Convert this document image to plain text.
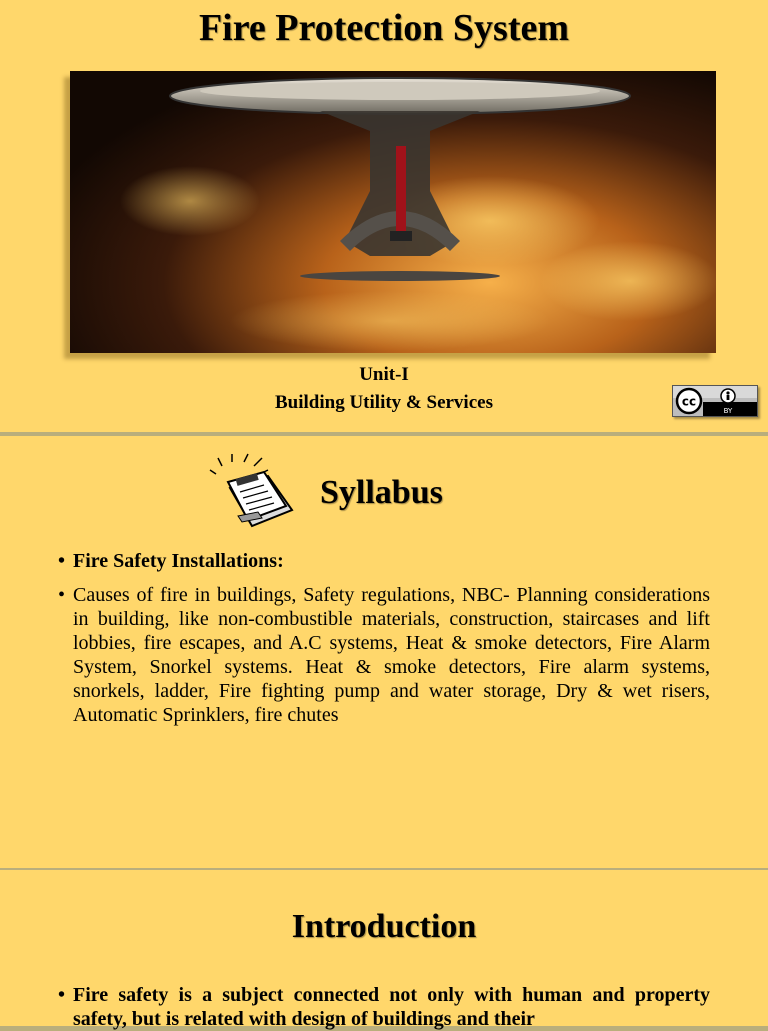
Fire Protection System
Unit-I
Building Utility & Services	cc
BY
Syllabus
• Fire Safety Installations:
• Causes of fire in buildings, Safety regulations, NBC- Planning considerations in building, like non-combustible materials, construction, staircases and lift lobbies, fire escapes, and A.C systems, Heat & smoke detectors, Fire Alarm System, Snorkel systems. Heat & smoke detectors, Fire alarm systems, snorkels, ladder, Fire fighting pump and water storage, Dry & wet risers, Automatic Sprinklers, fire chutes
Introduction
• Fire safety is a subject connected not only with human and property safety, but is related with design of buildings and their
